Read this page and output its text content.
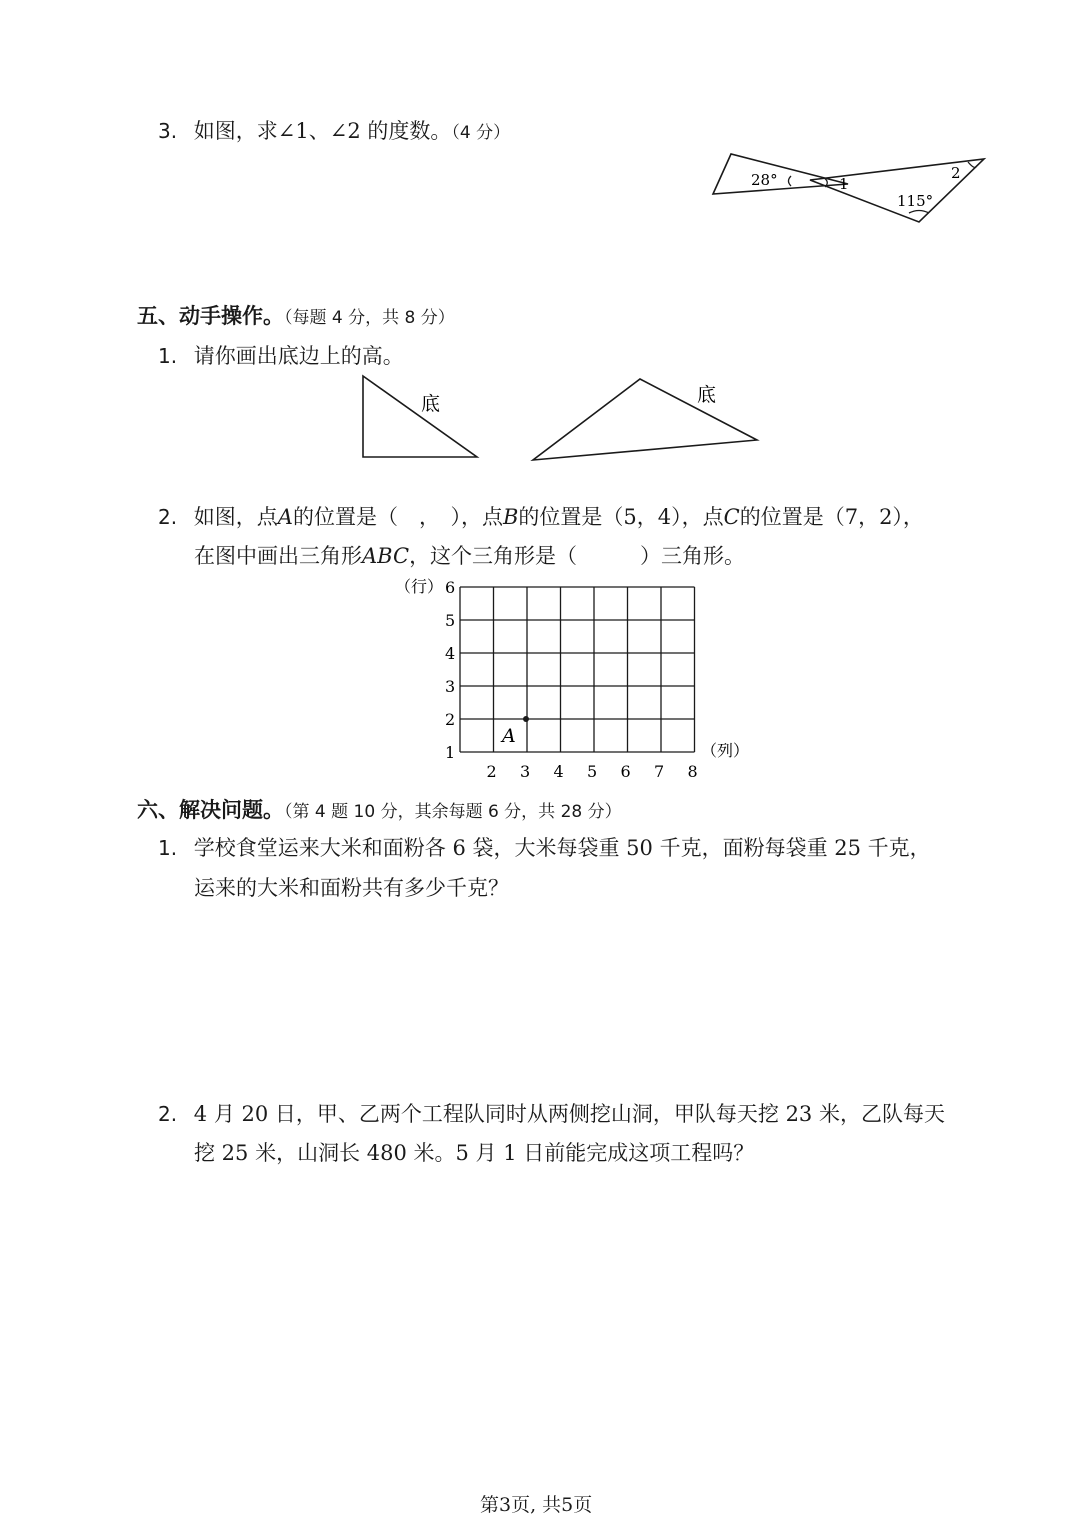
3. 如图，求∠1、∠2 的度数。（4 分）
28°	1
2
115°
五、动手操作。（每题 4 分，共 8 分）
1. 请你画出底边上的高。
底	底
2. 如图，点A的位置是（　，　），点B的位置是（5，4），点C的位置是（7，2），
在图中画出三角形ABC，这个三角形是（　　　）三角形。
（行）
（列）
6
5
4
3
2
1
2 3 4 5 6 7 8
A
六、解决问题。（第 4 题 10 分，其余每题 6 分，共 28 分）
1. 学校食堂运来大米和面粉各 6 袋，大米每袋重 50 千克，面粉每袋重 25 千克，
运来的大米和面粉共有多少千克？
2. 4 月 20 日，甲、乙两个工程队同时从两侧挖山洞，甲队每天挖 23 米，乙队每天
挖 25 米，山洞长 480 米。5 月 1 日前能完成这项工程吗？
第3页, 共5页
